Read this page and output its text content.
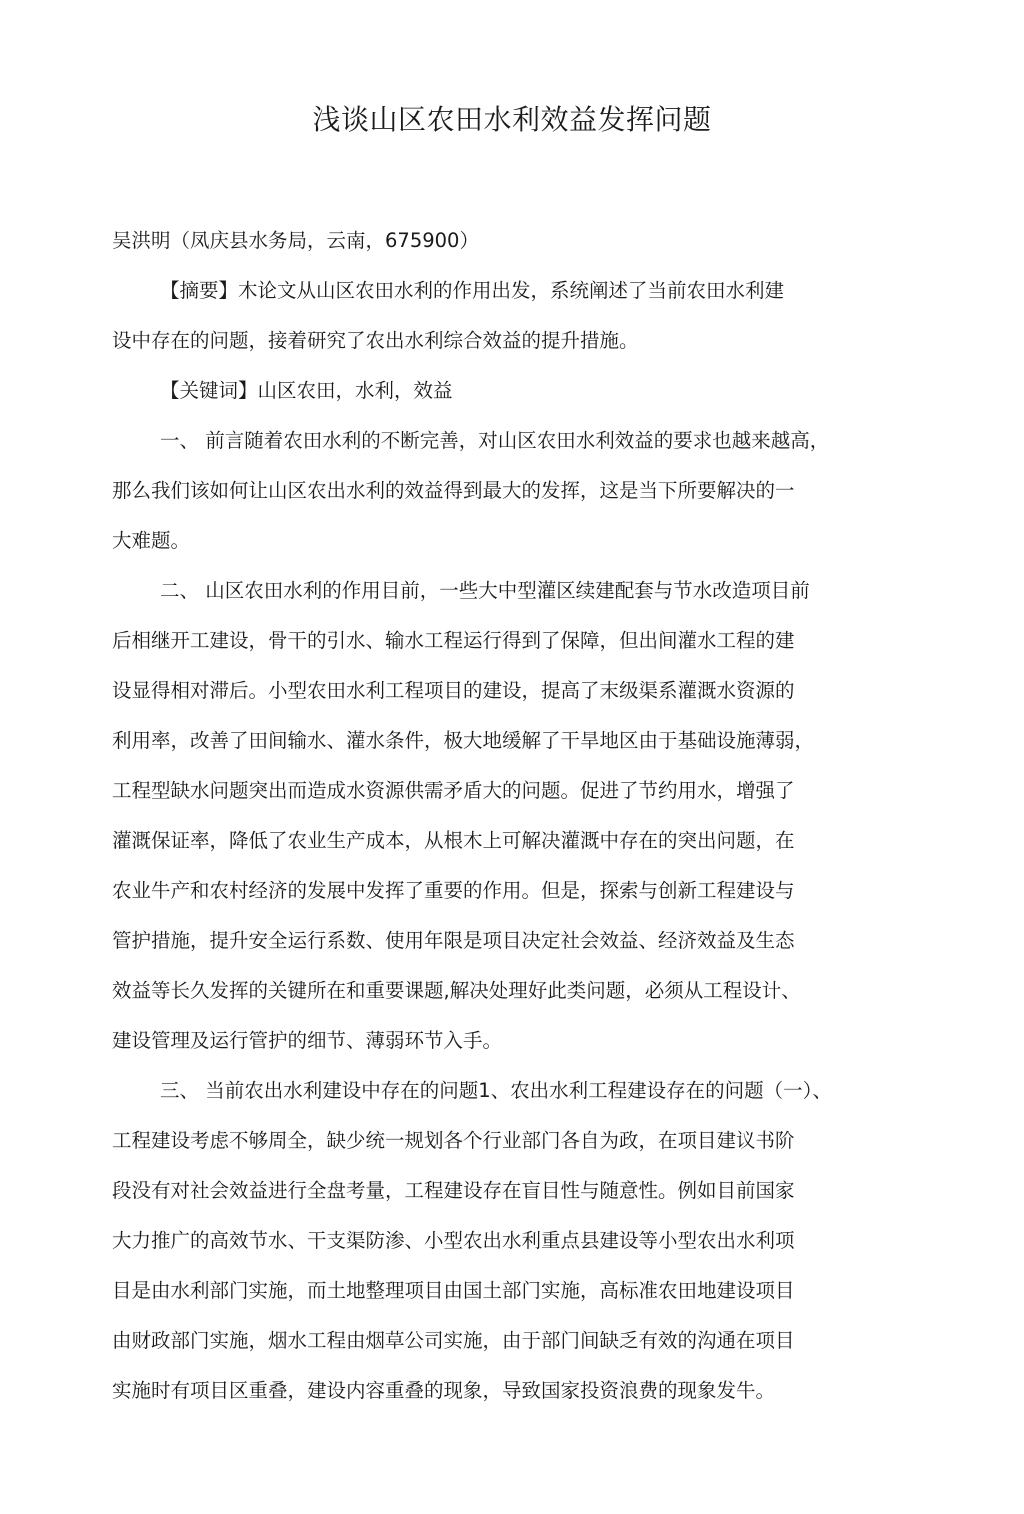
浅谈山区农田水利效益发挥问题

吴洪明（凤庆县水务局，云南，675900）

【摘要】木论文从山区农田水利的作用出发，系统阐述了当前农田水利建
设中存在的问题，接着研究了农出水利综合效益的提升措施。
【关键词】山区农田，水利，效益
一、 前言随着农田水利的不断完善，对山区农田水利效益的要求也越来越高，
那么我们该如何让山区农出水利的效益得到最大的发挥，这是当下所要解决的一
大难题。
二、 山区农田水利的作用目前，一些大中型灌区续建配套与节水改造项目前
后相继开工建设，骨干的引水、输水工程运行得到了保障，但出间灌水工程的建
设显得相对滞后。小型农田水利工程项目的建设，提高了末级渠系灌溉水资源的
利用率，改善了田间输水、灌水条件，极大地缓解了干旱地区由于基础设施薄弱，
工程型缺水问题突出而造成水资源供需矛盾大的问题。促进了节约用水，增强了
灌溉保证率，降低了农业生产成本，从根木上可解决灌溉中存在的突出问题，在
农业牛产和农村经济的发展中发挥了重要的作用。但是，探索与创新工程建设与
管护措施，提升安全运行系数、使用年限是项目决定社会效益、经济效益及生态
效益等长久发挥的关键所在和重要课题,解决处理好此类问题，必须从工程设计、
建设管理及运行管护的细节、薄弱环节入手。
三、 当前农出水利建设中存在的问题1、农出水利工程建设存在的问题（一）、
工程建设考虑不够周全，缺少统一规划各个行业部门各自为政，在项目建议书阶
段没有对社会效益进行全盘考量，工程建设存在盲目性与随意性。例如目前国家
大力推广的高效节水、干支渠防渗、小型农出水利重点县建设等小型农出水利项
目是由水利部门实施，而土地整理项目由国土部门实施，高标准农田地建设项目
由财政部门实施，烟水工程由烟草公司实施，由于部门间缺乏有效的沟通在项目
实施时有项目区重叠，建设内容重叠的现象，导致国家投资浪费的现象发牛。
